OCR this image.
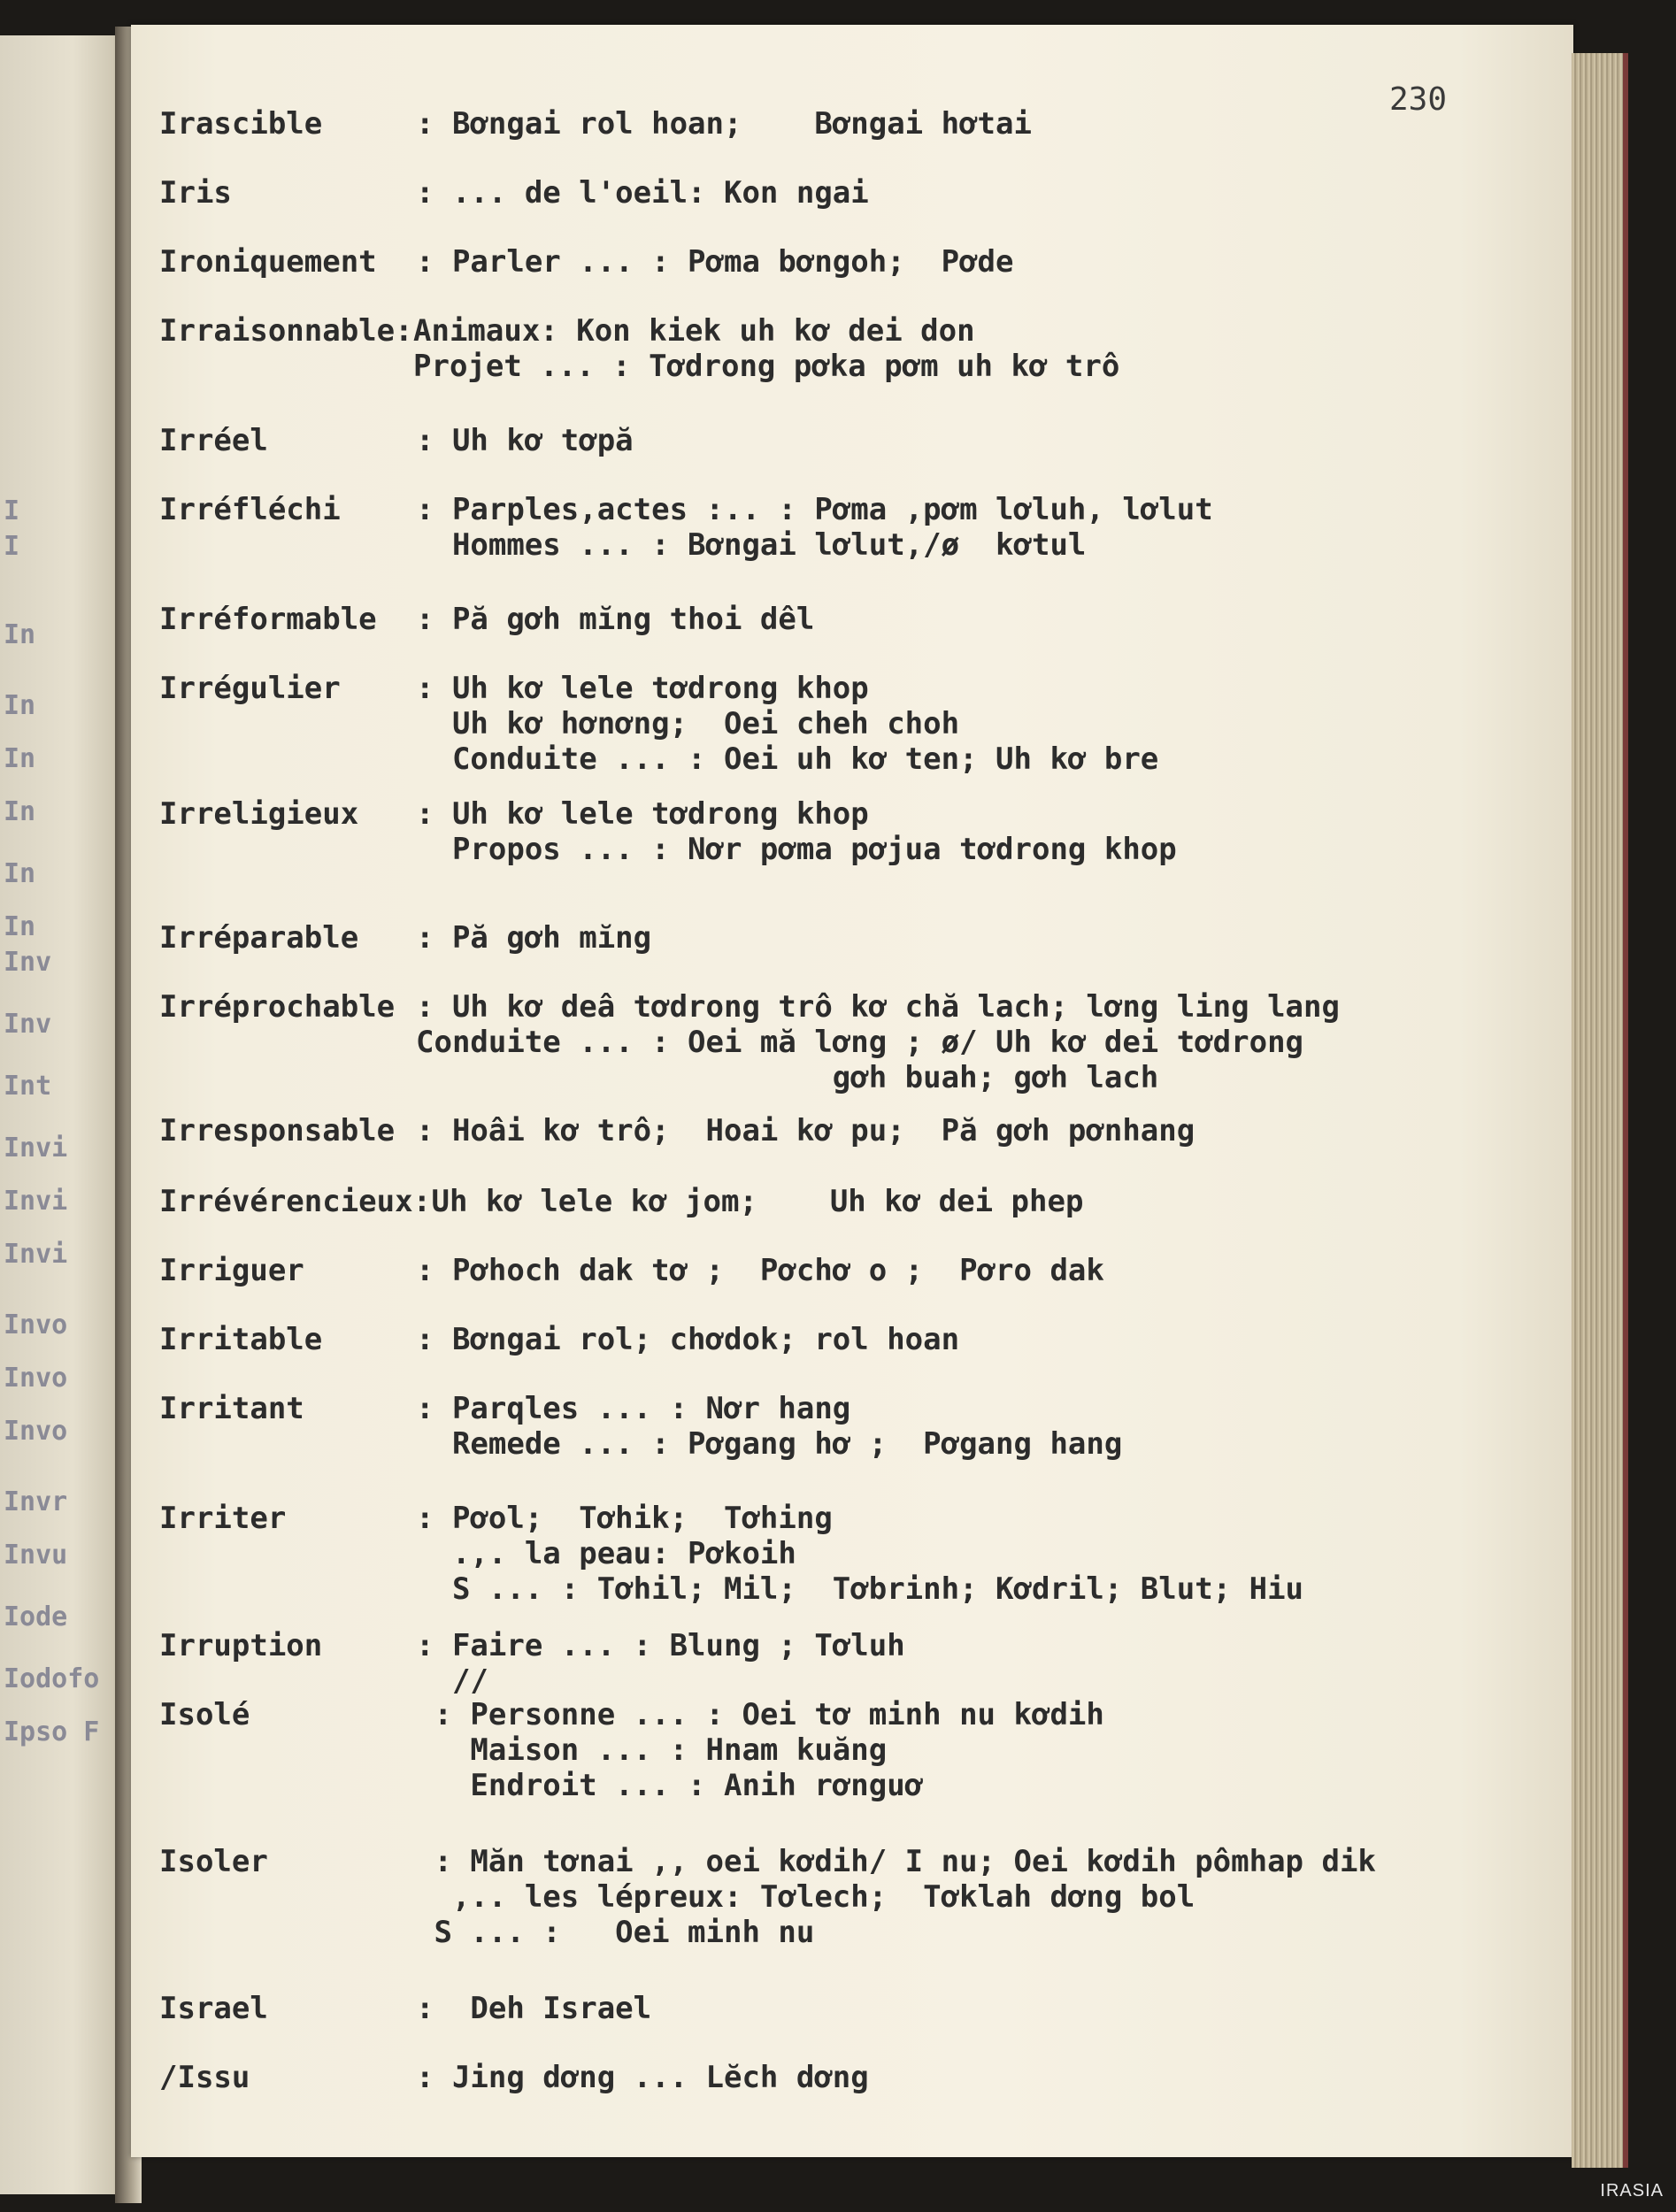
I
I
In
In
In
In
In
In
Inv
Inv
Int
Invi
Invi
Invi
Invo
Invo
Invo
Invr
Invu
Iode
Iodofo
Ipso F
230
Irascible	: Bơngai rol hoan;    Bơngai hơtai
Iris	: ... de l'oeil: Kon ngai
Ironiquement : Parler ... : Pơma bơngoh;  Pơde
Irraisonnable: Animaux: Kon kiek uh kơ dei don
Projet ... : Tơdrong pơka pơm uh kơ trô
Irréel	: Uh kơ tơpă
Irréfléchi	: Parples,actes :.. : Pơma ,pơm lơluh, lơlut
Hommes ... : Bơngai lơlut,/ø  kơtul
Irréformable : Pă gơh mĭng thoi dêl
Irrégulier	: Uh kơ lele tơdrong khop
Uh kơ hơnơng;  Oei cheh choh
Conduite ... : Oei uh kơ ten; Uh kơ bre
Irreligieux : Uh kơ lele tơdrong khop
Propos ... : Nơr pơma pơjua tơdrong khop
Irréparable : Pă gơh mĭng
Irréprochable : Uh kơ deâ tơdrong trô kơ chă lach; lơng ling lang
Conduite ... : Oei mă lơng ; ø/ Uh kơ dei tơdrong
gơh buah; gơh lach
Irresponsable : Hoâi kơ trô;  Hoai kơ pu;  Pă gơh pơnhang
Irrévérencieux: Uh kơ lele kơ jom;    Uh kơ dei phep
Irriguer	: Pơhoch dak tơ ;  Pơchơ o ;  Pơro dak
Irritable	: Bơngai rol; chơdok; rol hoan
Irritant	: Parqles ... : Nơr hang
Remede ... : Pơgang hơ ;  Pơgang hang
Irriter	: Pơol;  Tơhik;  Tơhing
.,. la peau: Pơkoih
S ... : Tơhil; Mil;  Tơbrinh; Kơdril; Blut; Hiu
Irruption	: Faire ... : Blung ; Tơluh
//
Isolé	: Personne ... : Oei tơ minh nu kơdih
Maison ... : Hnam kuăng
Endroit ... : Anih rơnguơ
Isoler	: Măn tơnai ,, oei kơdih/ I nu; Oei kơdih pômhap dik
,.. les lépreux: Tơlech;  Tơklah dơng bol
S ... :   Oei minh nu
Israel	:  Deh Israel
/Issu	: Jing dơng ... Lĕch dơng
IRASIA
